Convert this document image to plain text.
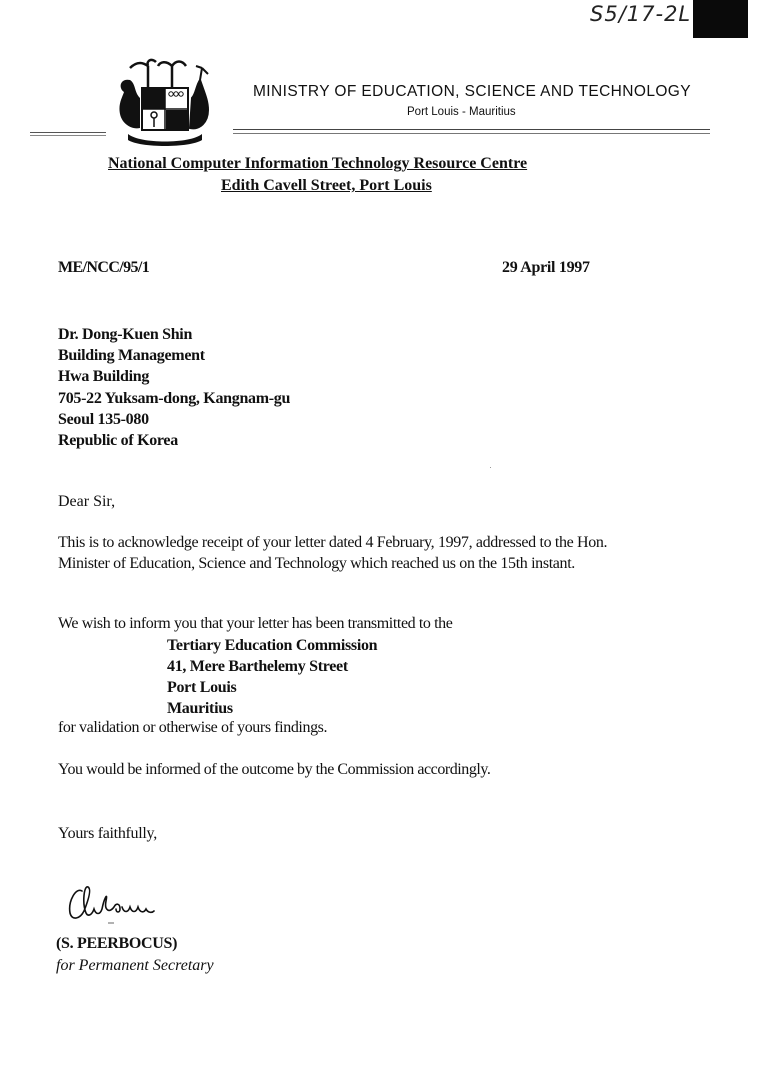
S5/17-2L
MINISTRY OF EDUCATION, SCIENCE AND TECHNOLOGY
Port Louis - Mauritius
National Computer Information Technology Resource Centre
Edith Cavell Street, Port Louis
ME/NCC/95/1	29 April 1997
Dr. Dong-Kuen Shin
Building Management
Hwa Building
705-22 Yuksam-dong, Kangnam-gu
Seoul 135-080
Republic of Korea
Dear Sir,
This is to acknowledge receipt of your letter dated 4 February, 1997, addressed to the Hon. Minister of Education, Science and Technology which reached us on the 15th instant.
We wish to inform you that your letter has been transmitted to the
Tertiary Education Commission
41, Mere Barthelemy Street
Port Louis
Mauritius
for validation or otherwise of yours findings.
You would be informed of the outcome by the Commission accordingly.
Yours faithfully,
(S. PEERBOCUS)
for Permanent Secretary
